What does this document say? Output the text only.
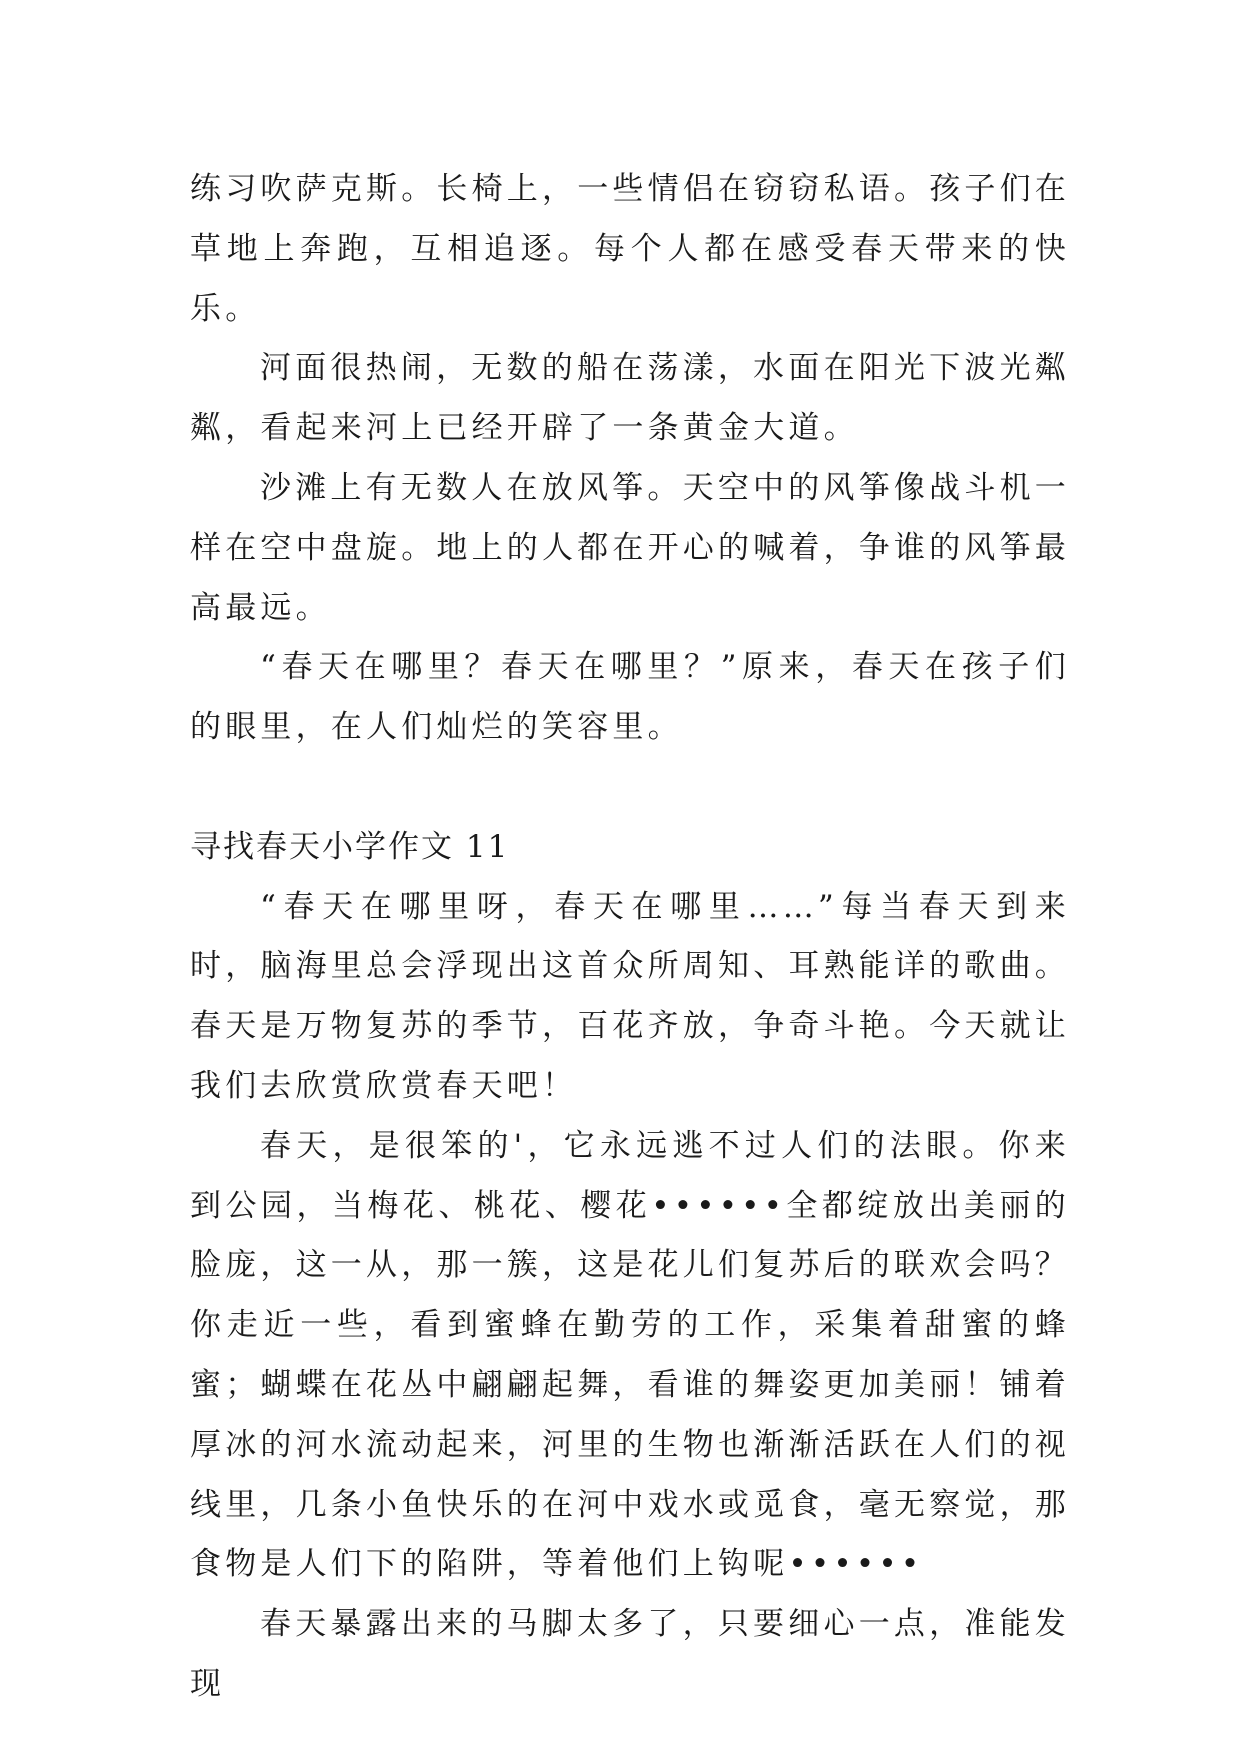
练习吹萨克斯。长椅上，一些情侣在窃窃私语。孩子们在草地上奔跑，互相追逐。每个人都在感受春天带来的快乐。

河面很热闹，无数的船在荡漾，水面在阳光下波光粼粼，看起来河上已经开辟了一条黄金大道。

沙滩上有无数人在放风筝。天空中的风筝像战斗机一样在空中盘旋。地上的人都在开心的喊着，争谁的风筝最高最远。

“春天在哪里？春天在哪里？”原来，春天在孩子们的眼里，在人们灿烂的笑容里。

寻找春天小学作文 11

“春天在哪里呀，春天在哪里……”每当春天到来时，脑海里总会浮现出这首众所周知、耳熟能详的歌曲。春天是万物复苏的季节，百花齐放，争奇斗艳。今天就让我们去欣赏欣赏春天吧！

春天，是很笨的'，它永远逃不过人们的法眼。你来到公园，当梅花、桃花、樱花••••••全都绽放出美丽的脸庞，这一从，那一簇，这是花儿们复苏后的联欢会吗？你走近一些，看到蜜蜂在勤劳的工作，采集着甜蜜的蜂蜜；蝴蝶在花丛中翩翩起舞，看谁的舞姿更加美丽！铺着厚冰的河水流动起来，河里的生物也渐渐活跃在人们的视线里，几条小鱼快乐的在河中戏水或觅食，毫无察觉，那食物是人们下的陷阱，等着他们上钩呢••••••

春天暴露出来的马脚太多了，只要细心一点，准能发现
